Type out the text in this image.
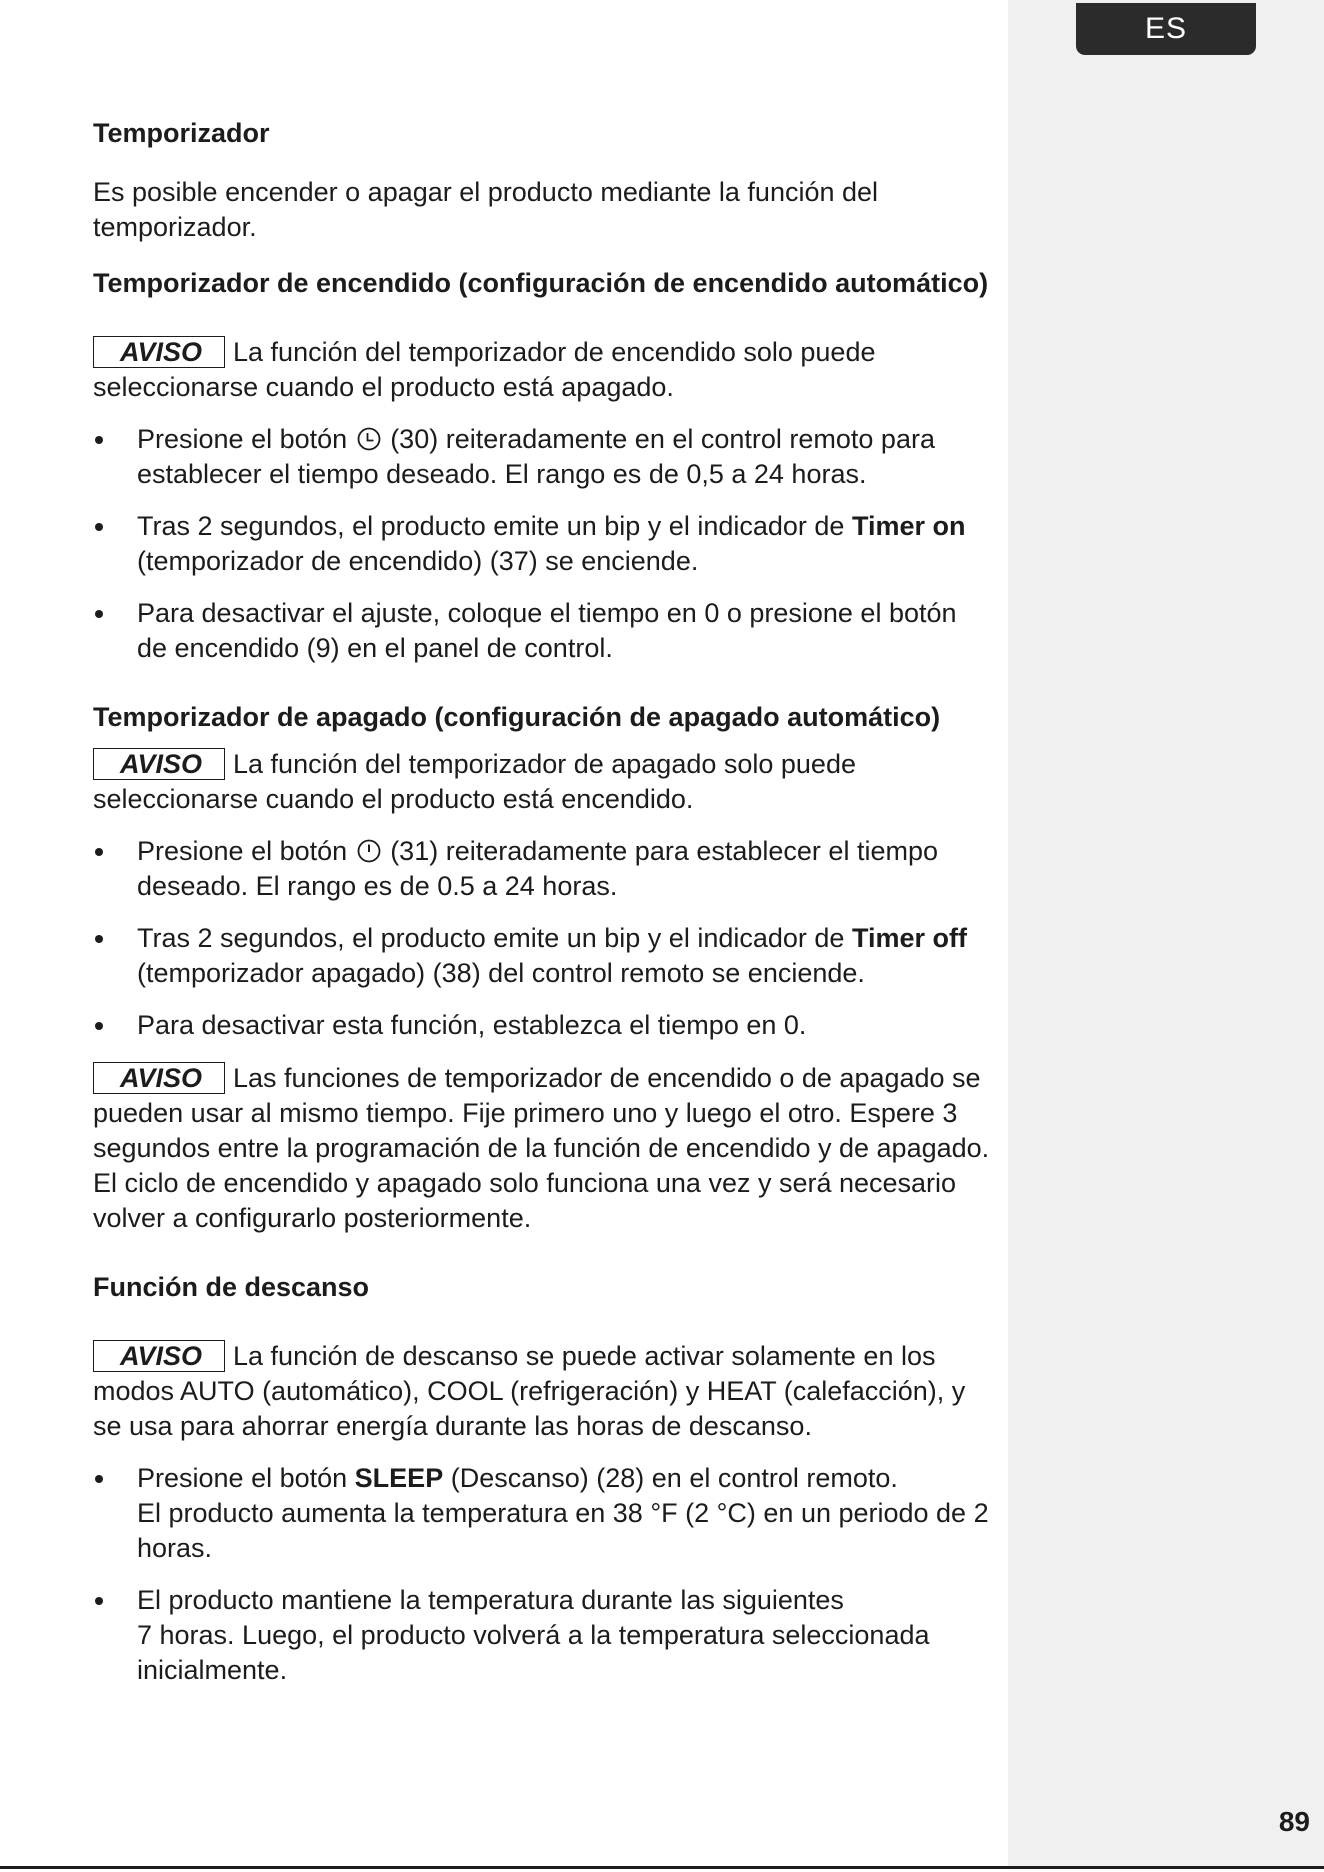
ES
Temporizador

Es posible encender o apagar el producto mediante la función del temporizador.

Temporizador de encendido (configuración de encendido automático)

AVISO La función del temporizador de encendido solo puede seleccionarse cuando el producto está apagado.

Presione el botón (30) reiteradamente en el control remoto para establecer el tiempo deseado. El rango es de 0,5 a 24 horas.
Tras 2 segundos, el producto emite un bip y el indicador de Timer on (temporizador de encendido) (37) se enciende.
Para desactivar el ajuste, coloque el tiempo en 0 o presione el botón de encendido (9) en el panel de control.
Temporizador de apagado (configuración de apagado automático)

AVISO La función del temporizador de apagado solo puede seleccionarse cuando el producto está encendido.

Presione el botón (31) reiteradamente para establecer el tiempo deseado. El rango es de 0.5 a 24 horas.
Tras 2 segundos, el producto emite un bip y el indicador de Timer off (temporizador apagado) (38) del control remoto se enciende.
Para desactivar esta función, establezca el tiempo en 0.

AVISO Las funciones de temporizador de encendido o de apagado se pueden usar al mismo tiempo. Fije primero uno y luego el otro. Espere 3 segundos entre la programación de la función de encendido y de apagado. El ciclo de encendido y apagado solo funciona una vez y será necesario volver a configurarlo posteriormente.

Función de descanso

AVISO La función de descanso se puede activar solamente en los modos AUTO (automático), COOL (refrigeración) y HEAT (calefacción), y se usa para ahorrar energía durante las horas de descanso.

Presione el botón SLEEP (Descanso) (28) en el control remoto.
El producto aumenta la temperatura en 38 °F (2 °C) en un periodo de 2 horas.
El producto mantiene la temperatura durante las siguientes
7 horas. Luego, el producto volverá a la temperatura seleccionada inicialmente.
89
